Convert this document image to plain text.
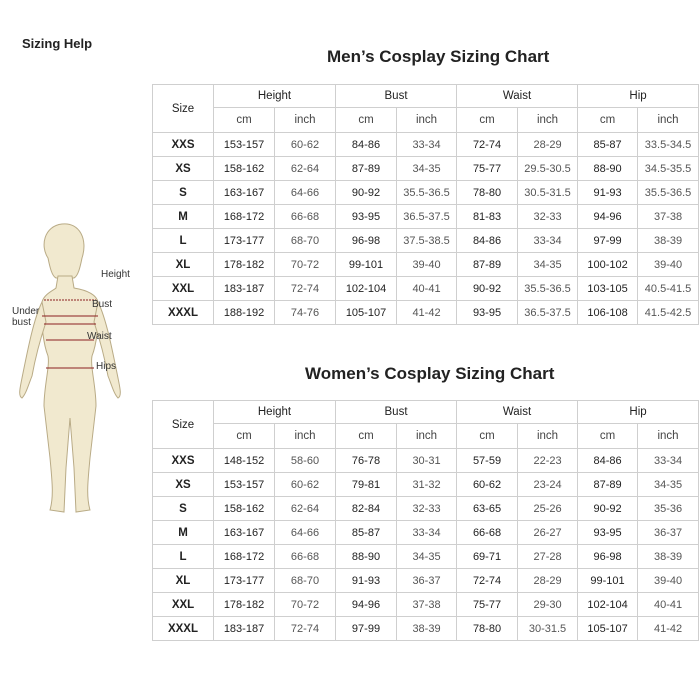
Sizing Help
Height
Bust
Under bust
Waist
Hips
Men’s Cosplay Sizing Chart
Size	Height		Bust		Waist		Hip	
	cm	inch	cm	inch	cm	inch	cm	inch
XXS	153-157	60-62	84-86	33-34	72-74	28-29	85-87	33.5-34.5
XS	158-162	62-64	87-89	34-35	75-77	29.5-30.5	88-90	34.5-35.5
S	163-167	64-66	90-92	35.5-36.5	78-80	30.5-31.5	91-93	35.5-36.5
M	168-172	66-68	93-95	36.5-37.5	81-83	32-33	94-96	37-38
L	173-177	68-70	96-98	37.5-38.5	84-86	33-34	97-99	38-39
XL	178-182	70-72	99-101	39-40	87-89	34-35	100-102	39-40
XXL	183-187	72-74	102-104	40-41	90-92	35.5-36.5	103-105	40.5-41.5
XXXL	188-192	74-76	105-107	41-42	93-95	36.5-37.5	106-108	41.5-42.5
Women’s Cosplay Sizing Chart
Size	Height		Bust		Waist		Hip	
	cm	inch	cm	inch	cm	inch	cm	inch
XXS	148-152	58-60	76-78	30-31	57-59	22-23	84-86	33-34
XS	153-157	60-62	79-81	31-32	60-62	23-24	87-89	34-35
S	158-162	62-64	82-84	32-33	63-65	25-26	90-92	35-36
M	163-167	64-66	85-87	33-34	66-68	26-27	93-95	36-37
L	168-172	66-68	88-90	34-35	69-71	27-28	96-98	38-39
XL	173-177	68-70	91-93	36-37	72-74	28-29	99-101	39-40
XXL	178-182	70-72	94-96	37-38	75-77	29-30	102-104	40-41
XXXL	183-187	72-74	97-99	38-39	78-80	30-31.5	105-107	41-42
